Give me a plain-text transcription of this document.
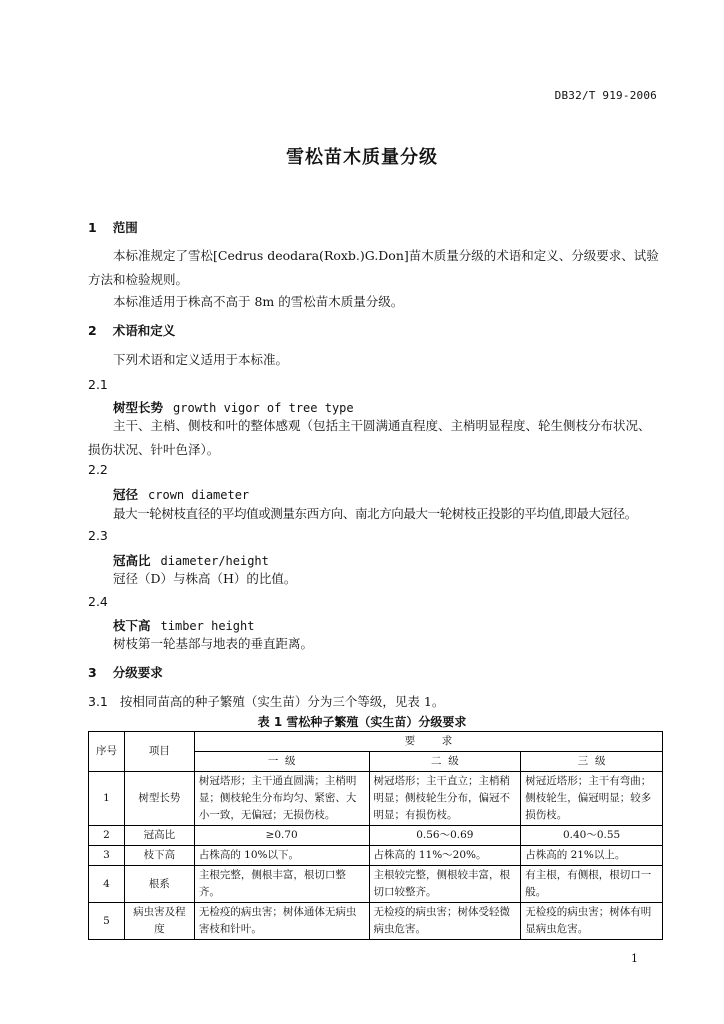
DB32/T 919-2006
雪松苗木质量分级
1 范围
本标准规定了雪松[Cedrus deodara(Roxb.)G.Don]苗木质量分级的术语和定义、分级要求、试验方法和检验规则。
本标准适用于株高不高于 8m 的雪松苗木质量分级。
2 术语和定义
下列术语和定义适用于本标准。
2.1
树型长势 growth vigor of tree type
主干、主梢、侧枝和叶的整体感观（包括主干圆满通直程度、主梢明显程度、轮生侧枝分布状况、损伤状况、针叶色泽）。
2.2
冠径 crown diameter
最大一轮树枝直径的平均值或测量东西方向、南北方向最大一轮树枝正投影的平均值,即最大冠径。
2.3
冠高比 diameter/height
冠径（D）与株高（H）的比值。
2.4
枝下高 timber height
树枝第一轮基部与地表的垂直距离。
3 分级要求
3.1 按相同苗高的种子繁殖（实生苗）分为三个等级，见表 1。
表 1 雪松种子繁殖（实生苗）分级要求
序号	项目	要        求		
		一  级	二  级	三  级
1	树型长势	树冠塔形；主干通直圆满；主梢明显；侧枝轮生分布均匀、紧密、大小一致，无偏冠；无损伤枝。	树冠塔形；主干直立；主梢稍明显；侧枝轮生分布，偏冠不明显；有损伤枝。	树冠近塔形；主干有弯曲；侧枝轮生，偏冠明显；较多损伤枝。
2	冠高比	≥0.70	0.56～0.69	0.40～0.55
3	枝下高	占株高的 10%以下。	占株高的 11%～20%。	占株高的 21%以上。
4	根系	主根完整，侧根丰富，根切口整齐。	主根较完整，侧根较丰富，根切口较整齐。	有主根，有侧根，根切口一般。
5	病虫害及程度	无检疫的病虫害；树体通体无病虫害枝和针叶。	无检疫的病虫害；树体受轻微病虫危害。	无检疫的病虫害；树体有明显病虫危害。
1
